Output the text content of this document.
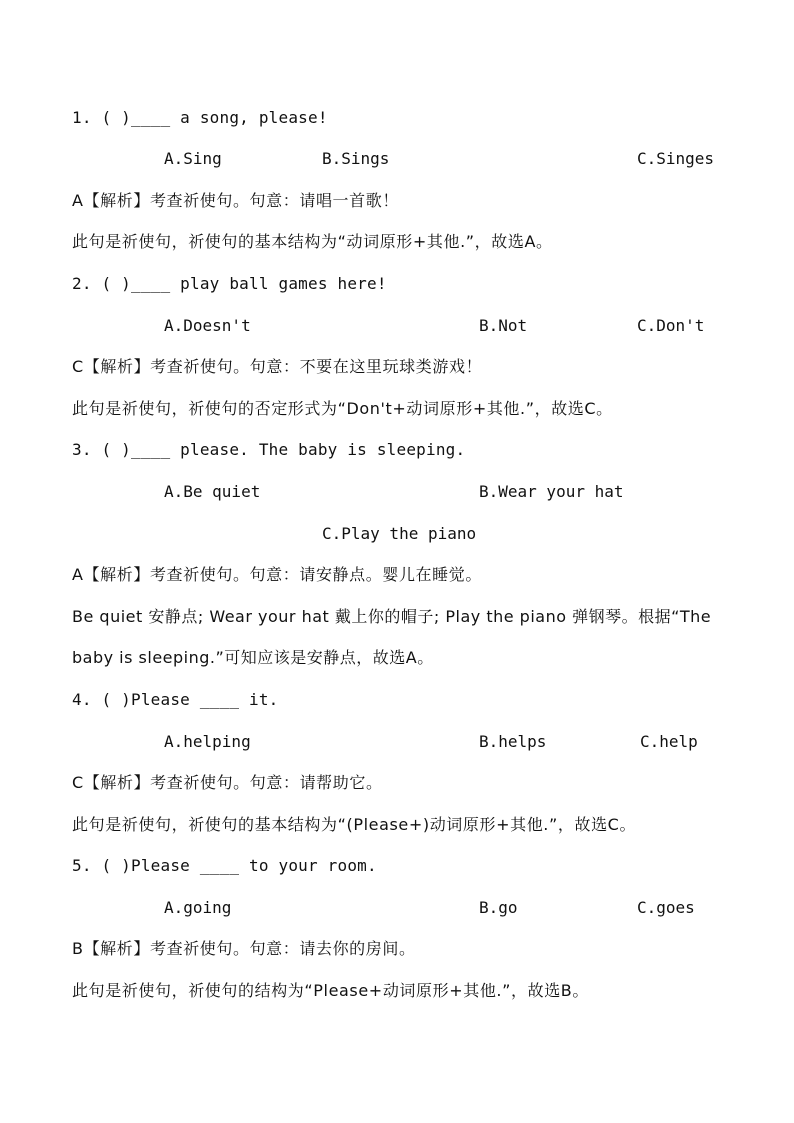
1. ( )____ a song, please!
A.Sing	B.Sings	C.Singes
A【解析】考查祈使句。句意：请唱一首歌！
此句是祈使句，祈使句的基本结构为“动词原形+其他.”，故选A。
2. ( )____ play ball games here!
A.Doesn't	B.Not	C.Don't
C【解析】考查祈使句。句意：不要在这里玩球类游戏！
此句是祈使句，祈使句的否定形式为“Don't+动词原形+其他.”，故选C。
3. ( )____ please. The baby is sleeping.
A.Be quiet	B.Wear your hat
C.Play the piano
A【解析】考查祈使句。句意：请安静点。婴儿在睡觉。
Be quiet 安静点; Wear your hat 戴上你的帽子; Play the piano 弹钢琴。根据“The baby is sleeping.”可知应该是安静点，故选A。
4. ( )Please ____ it.
A.helping	B.helps	C.help
C【解析】考查祈使句。句意：请帮助它。
此句是祈使句，祈使句的基本结构为“(Please+)动词原形+其他.”，故选C。
5. ( )Please ____ to your room.
A.going	B.go	C.goes
B【解析】考查祈使句。句意：请去你的房间。
此句是祈使句，祈使句的结构为“Please+动词原形+其他.”，故选B。
